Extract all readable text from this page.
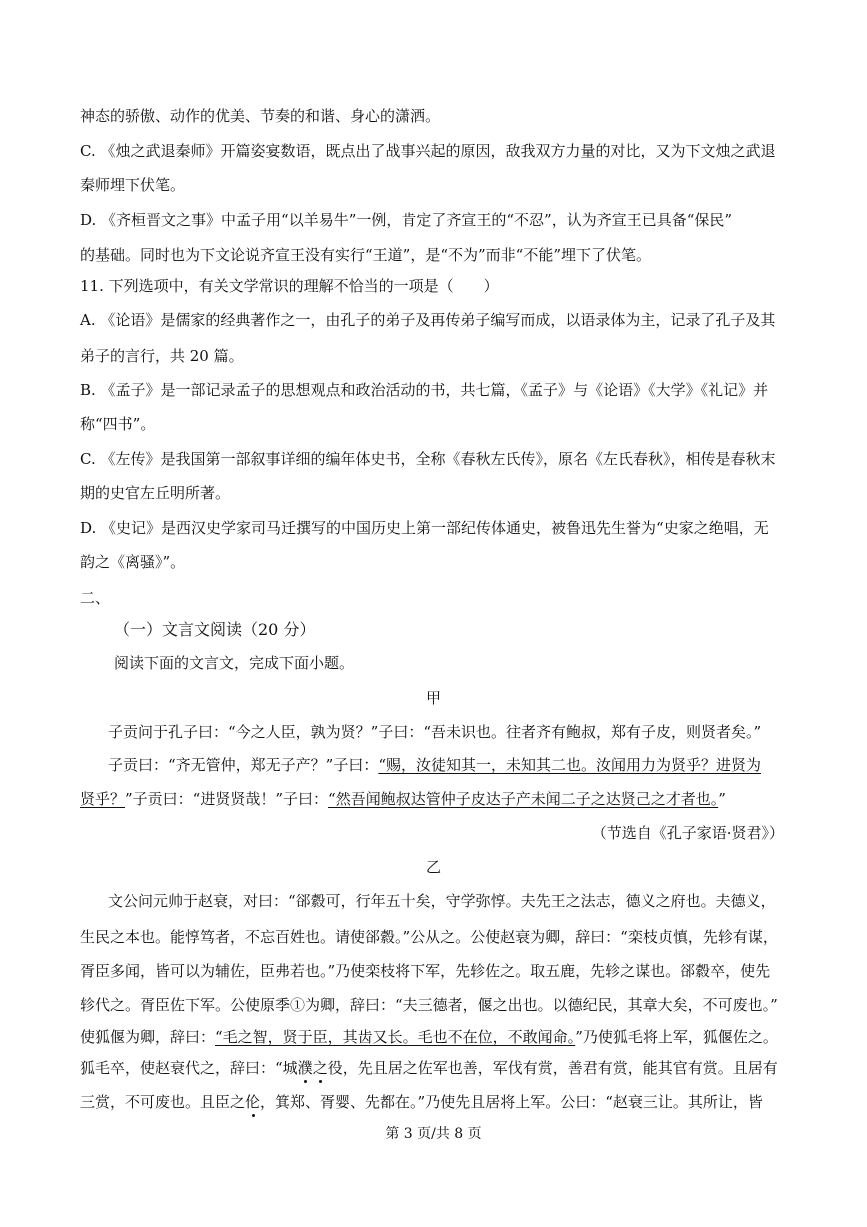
神态的骄傲、动作的优美、节奏的和谐、身心的潇洒。
C. 《烛之武退秦师》开篇姿宴数语，既点出了战事兴起的原因，敌我双方力量的对比，又为下文烛之武退
秦师埋下伏笔。
D. 《齐桓晋文之事》中孟子用“以羊易牛”一例，肯定了齐宣王的“不忍”，认为齐宣王已具备“保民”
的基础。同时也为下文论说齐宣王没有实行“王道”，是“不为”而非“不能”埋下了伏笔。
11. 下列选项中，有关文学常识的理解不恰当的一项是（　　）
A. 《论语》是儒家的经典著作之一，由孔子的弟子及再传弟子编写而成，以语录体为主，记录了孔子及其
弟子的言行，共 20 篇。
B. 《孟子》是一部记录孟子的思想观点和政治活动的书，共七篇，《孟子》与《论语》《大学》《礼记》并
称“四书”。
C. 《左传》是我国第一部叙事详细的编年体史书，全称《春秋左氏传》，原名《左氏春秋》，相传是春秋末
期的史官左丘明所著。
D. 《史记》是西汉史学家司马迁撰写的中国历史上第一部纪传体通史，被鲁迅先生誉为“史家之绝唱，无
韵之《离骚》”。
二、
（一）文言文阅读（20 分）
阅读下面的文言文，完成下面小题。
甲
子贡问于孔子曰：“今之人臣，孰为贤？”子曰：“吾未识也。往者齐有鲍叔，郑有子皮，则贤者矣。”
子贡曰：“齐无管仲，郑无子产？”子曰：“赐，汝徒知其一，未知其二也。汝闻用力为贤乎？进贤为
贤乎？”子贡曰：“进贤贤哉！”子曰：“然吾闻鲍叔达管仲子皮达子产未闻二子之达贤己之才者也。”
（节选自《孔子家语·贤君》）
乙
文公问元帅于赵衰，对曰：“郤縠可，行年五十矣，守学弥惇。夫先王之法志，德义之府也。夫德义，
生民之本也。能惇笃者，不忘百姓也。请使郤縠。”公从之。公使赵衰为卿，辞曰：“栾枝贞慎，先轸有谋，
胥臣多闻，皆可以为辅佐，臣弗若也。”乃使栾枝将下军，先轸佐之。取五鹿，先轸之谋也。郤縠卒，使先
轸代之。胥臣佐下军。公使原季①为卿，辞曰：“夫三德者，偃之出也。以德纪民，其章大矣，不可废也。”
使狐偃为卿，辞曰：“毛之智，贤于臣，其齿又长。毛也不在位，不敢闻命。”乃使狐毛将上军，狐偃佐之。
狐毛卒，使赵衰代之，辞曰：“城濮之役，先且居之佐军也善，军伐有赏，善君有赏，能其官有赏。且居有
三赏，不可废也。且臣之伦，箕郑、胥婴、先都在。”乃使先且居将上军。公曰：“赵衰三让。其所让，皆
第 3 页/共 8 页
